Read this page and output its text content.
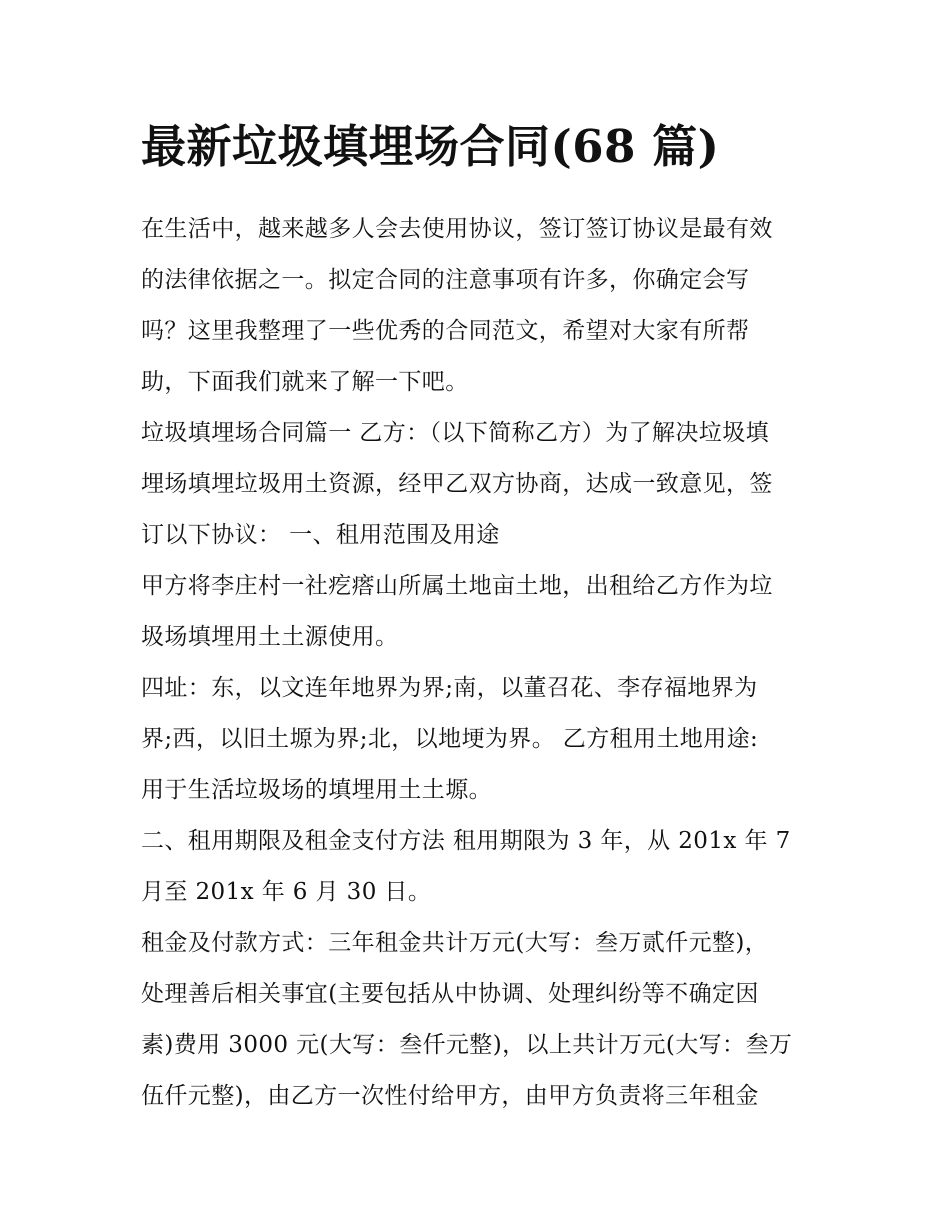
最新垃圾填埋场合同(68 篇)

在生活中，越来越多人会去使用协议，签订签订协议是最有效
的法律依据之一。拟定合同的注意事项有许多，你确定会写
吗？这里我整理了一些优秀的合同范文，希望对大家有所帮
助，下面我们就来了解一下吧。

垃圾填埋场合同篇一 乙方：（以下简称乙方）为了解决垃圾填
埋场填埋垃圾用土资源，经甲乙双方协商，达成一致意见，签
订以下协议： 一、租用范围及用途

甲方将李庄村一社疙瘩山所属土地亩土地，出租给乙方作为垃
圾场填埋用土土源使用。

四址：东，以文连年地界为界;南，以董召花、李存福地界为
界;西，以旧土塬为界;北，以地埂为界。 乙方租用土地用途:
用于生活垃圾场的填埋用土土塬。

二、租用期限及租金支付方法 租用期限为 3 年，从 201x 年 7
月至 201x 年 6 月 30 日。

租金及付款方式：三年租金共计万元(大写：叁万贰仟元整)，
处理善后相关事宜(主要包括从中协调、处理纠纷等不确定因
素)费用 3000 元(大写：叁仟元整)，以上共计万元(大写：叁万
伍仟元整)，由乙方一次性付给甲方，由甲方负责将三年租金
